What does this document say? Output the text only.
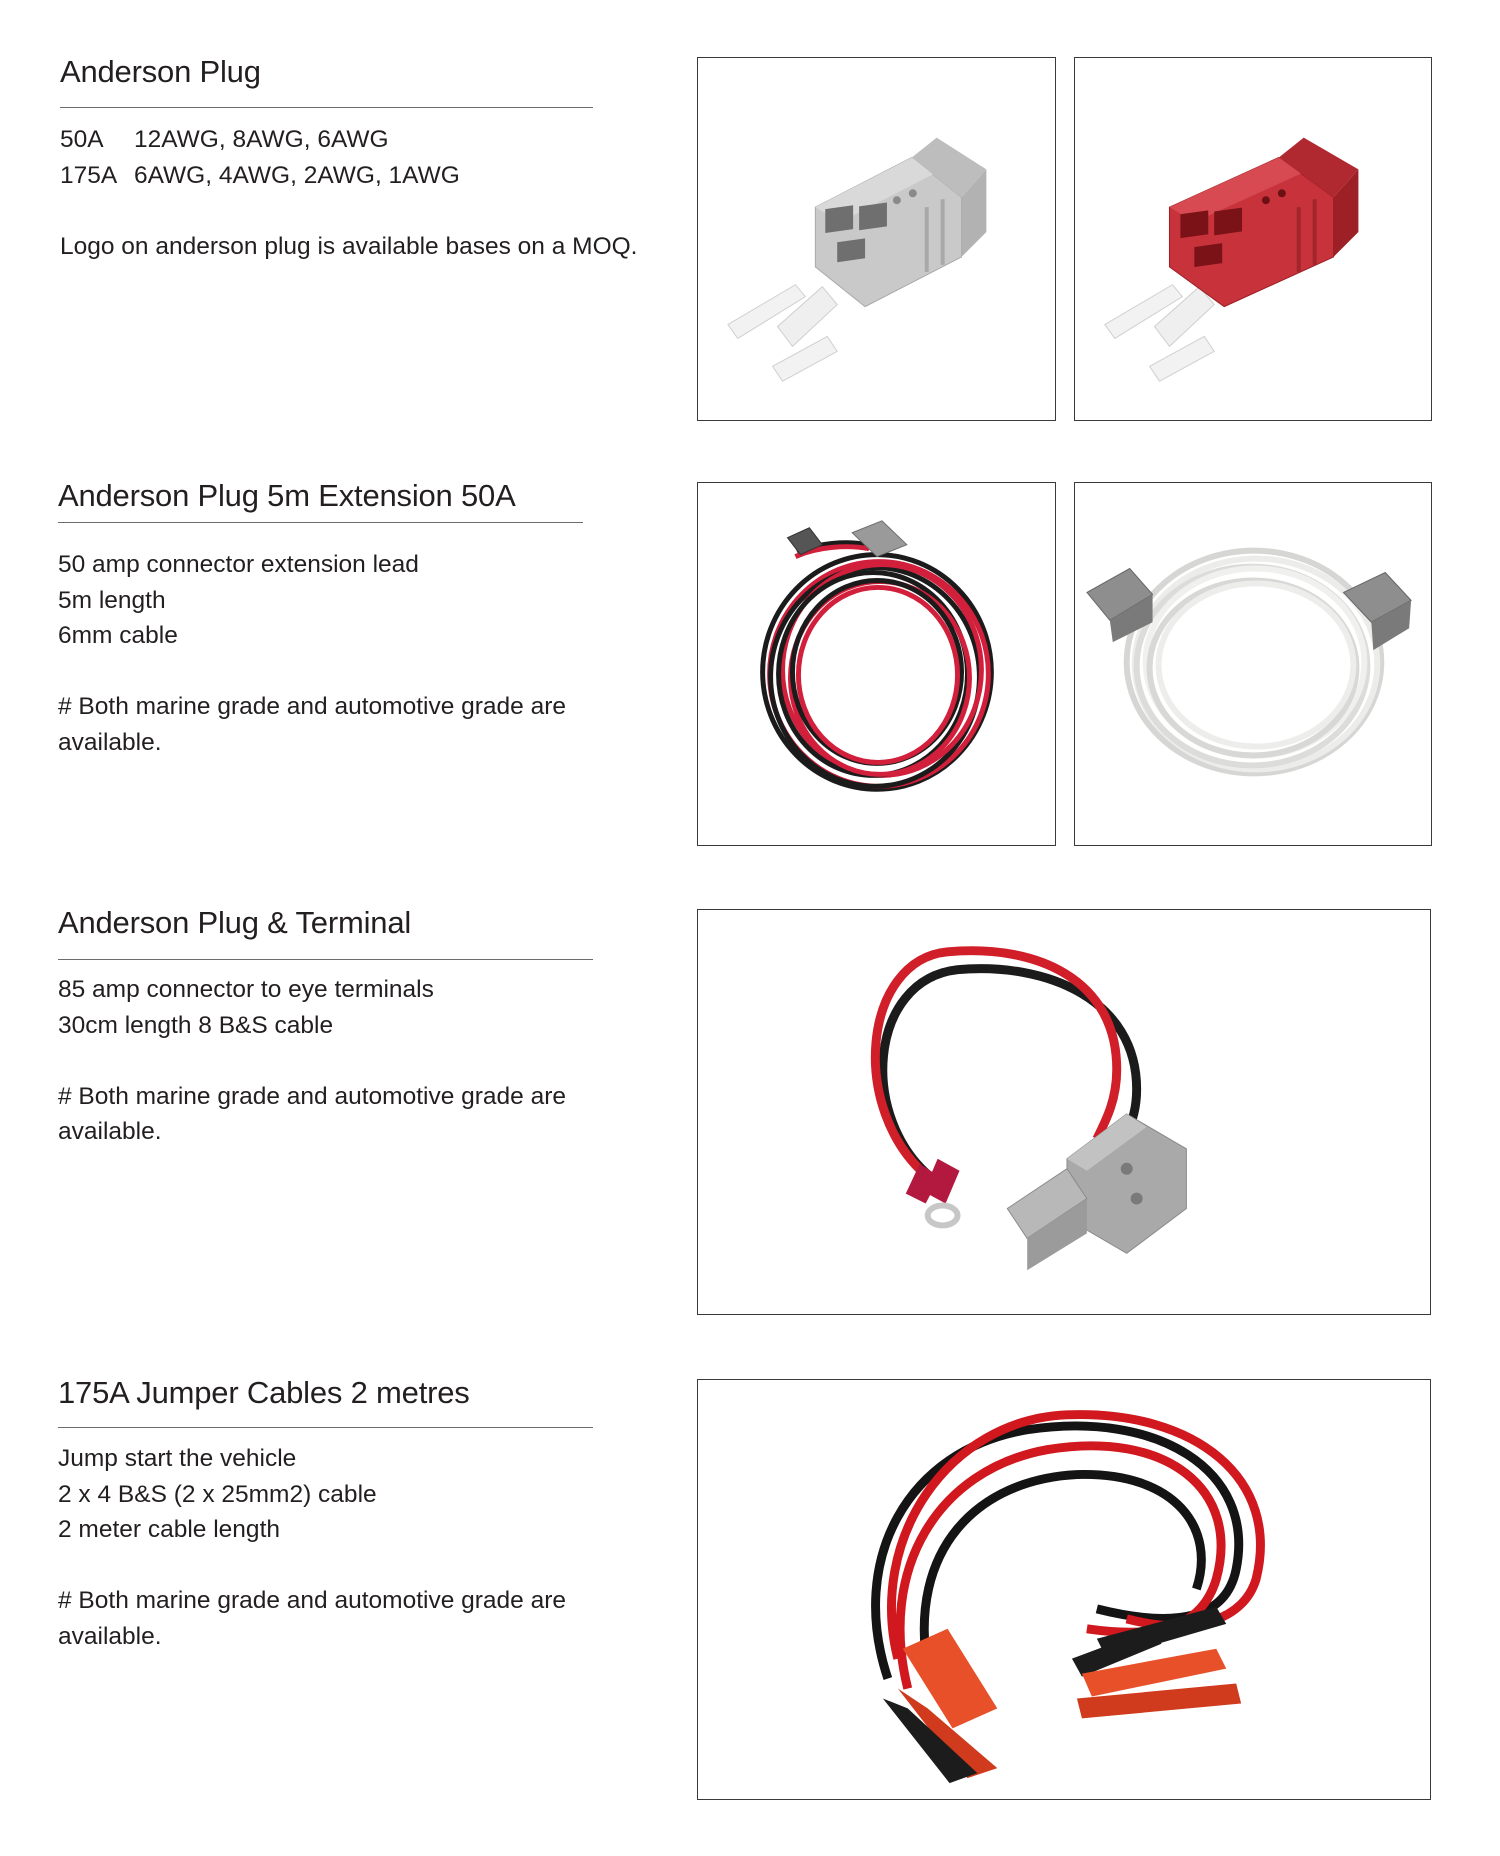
Anderson Plug
50A 12AWG, 8AWG, 6AWG
175A 6AWG, 4AWG, 2AWG, 1AWG
Logo on anderson plug is available bases on a MOQ.
Anderson Plug 5m Extension 50A
50 amp connector extension lead
5m length
6mm cable
# Both marine grade and automotive grade are
available.
Anderson Plug & Terminal
85 amp connector to eye terminals
30cm length 8 B&S cable
# Both marine grade and automotive grade are
available.
175A Jumper Cables 2 metres
Jump start the vehicle
2 x 4 B&S (2 x 25mm2) cable
2 meter cable length
# Both marine grade and automotive grade are
available.
